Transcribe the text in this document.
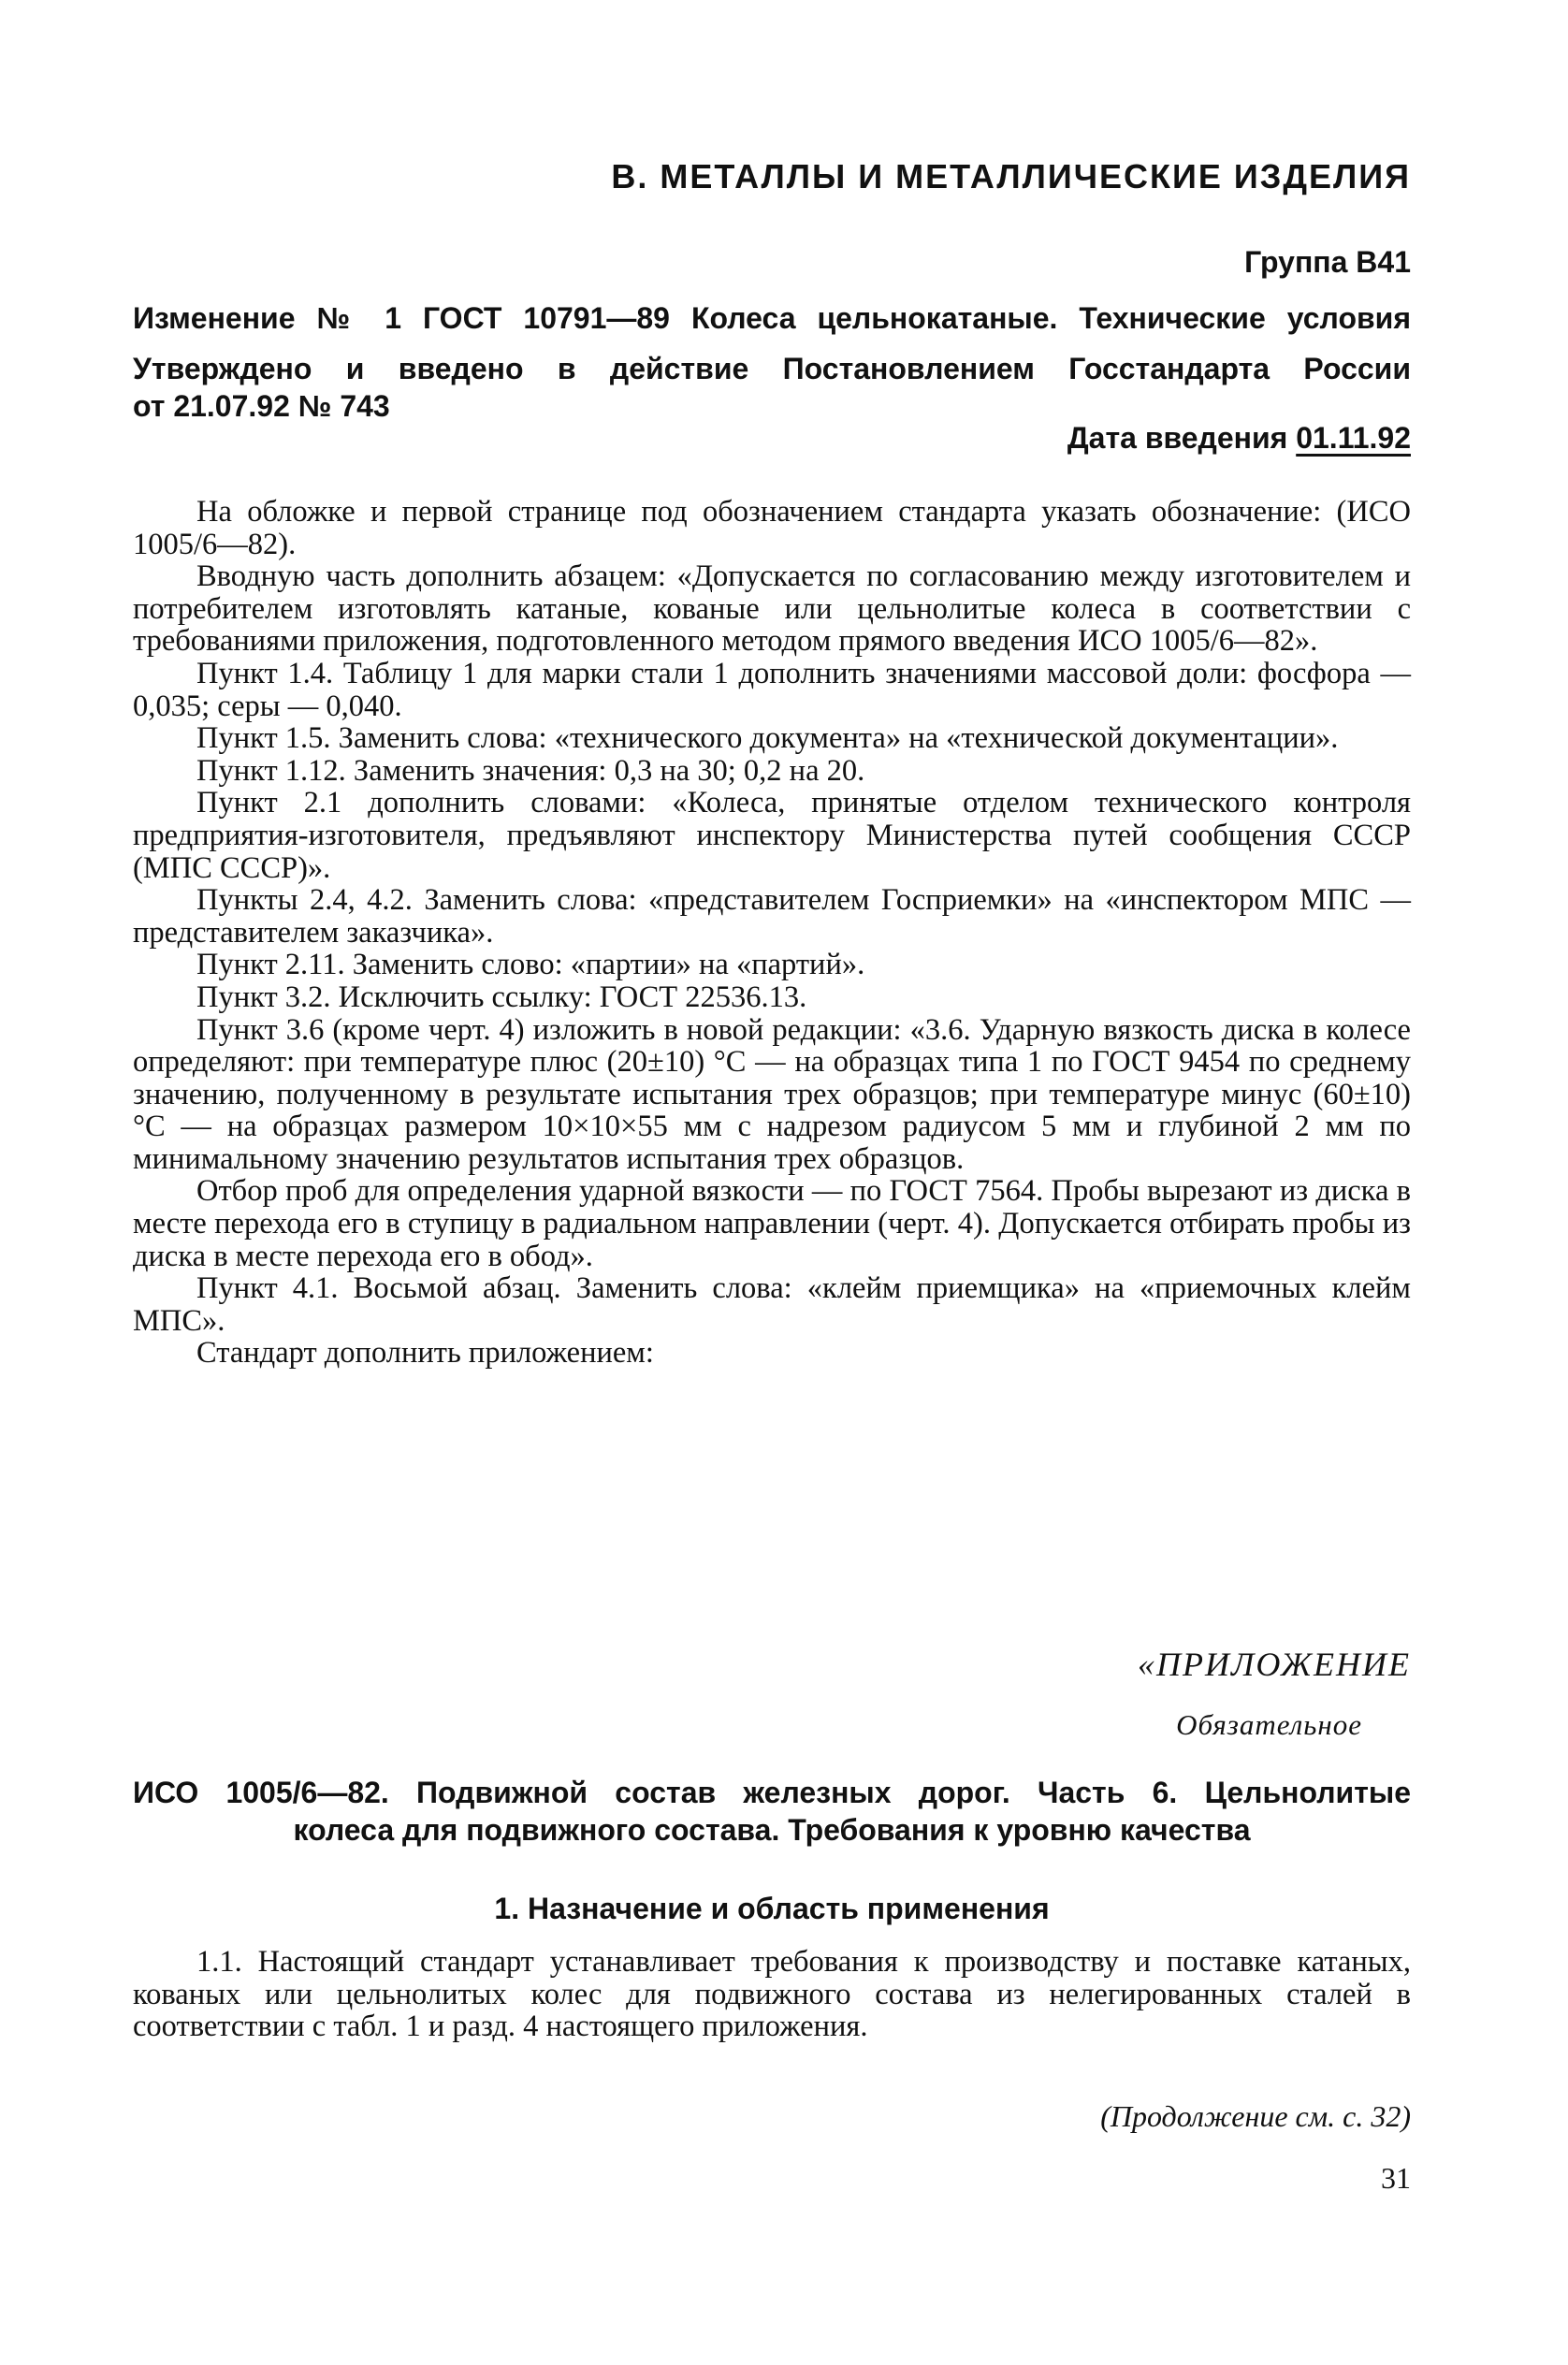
В. МЕТАЛЛЫ И МЕТАЛЛИЧЕСКИЕ ИЗДЕЛИЯ
Группа В41
Изменение № 1 ГОСТ 10791—89 Колеса цельнокатаные. Технические условия
Утверждено и введено в действие Постановлением Госстандарта России
от 21.07.92 № 743
Дата введения 01.11.92

На обложке и первой странице под обозначением стандарта указать обозначение: (ИСО 1005/6—82).

Вводную часть дополнить абзацем: «Допускается по согласованию между изготовителем и потребителем изготовлять катаные, кованые или цельнолитые колеса в соответствии с требованиями приложения, подготовленного методом прямого введения ИСО 1005/6—82».

Пункт 1.4. Таблицу 1 для марки стали 1 дополнить значениями массовой доли: фосфора — 0,035; серы — 0,040.

Пункт 1.5. Заменить слова: «технического документа» на «технической документации».

Пункт 1.12. Заменить значения: 0,3 на 30; 0,2 на 20.

Пункт 2.1 дополнить словами: «Колеса, принятые отделом технического контроля предприятия-изготовителя, предъявляют инспектору Министерства путей сообщения СССР (МПС СССР)».

Пункты 2.4, 4.2. Заменить слова: «представителем Госприемки» на «инспектором МПС — представителем заказчика».

Пункт 2.11. Заменить слово: «партии» на «партий».

Пункт 3.2. Исключить ссылку: ГОСТ 22536.13.

Пункт 3.6 (кроме черт. 4) изложить в новой редакции: «3.6. Ударную вязкость диска в колесе определяют: при температуре плюс (20±10) °C — на образцах типа 1 по ГОСТ 9454 по среднему значению, полученному в результате испытания трех образцов; при температуре минус (60±10) °C — на образцах размером 10×10×55 мм с надрезом радиусом 5 мм и глубиной 2 мм по минимальному значению результатов испытания трех образцов.

Отбор проб для определения ударной вязкости — по ГОСТ 7564. Пробы вырезают из диска в месте перехода его в ступицу в радиальном направлении (черт. 4). Допускается отбирать пробы из диска в месте перехода его в обод».

Пункт 4.1. Восьмой абзац. Заменить слова: «клейм приемщика» на «приемочных клейм МПС».

Стандарт дополнить приложением:

«ПРИЛОЖЕНИЕ
Обязательное
ИСО 1005/6—82. Подвижной состав железных дорог. Часть 6. Цельнолитые
колеса для подвижного состава. Требования к уровню качества
1. Назначение и область применения

1.1. Настоящий стандарт устанавливает требования к производству и поставке катаных, кованых или цельнолитых колес для подвижного состава из нелегированных сталей в соответствии с табл. 1 и разд. 4 настоящего приложения.

(Продолжение см. с. 32)
31
